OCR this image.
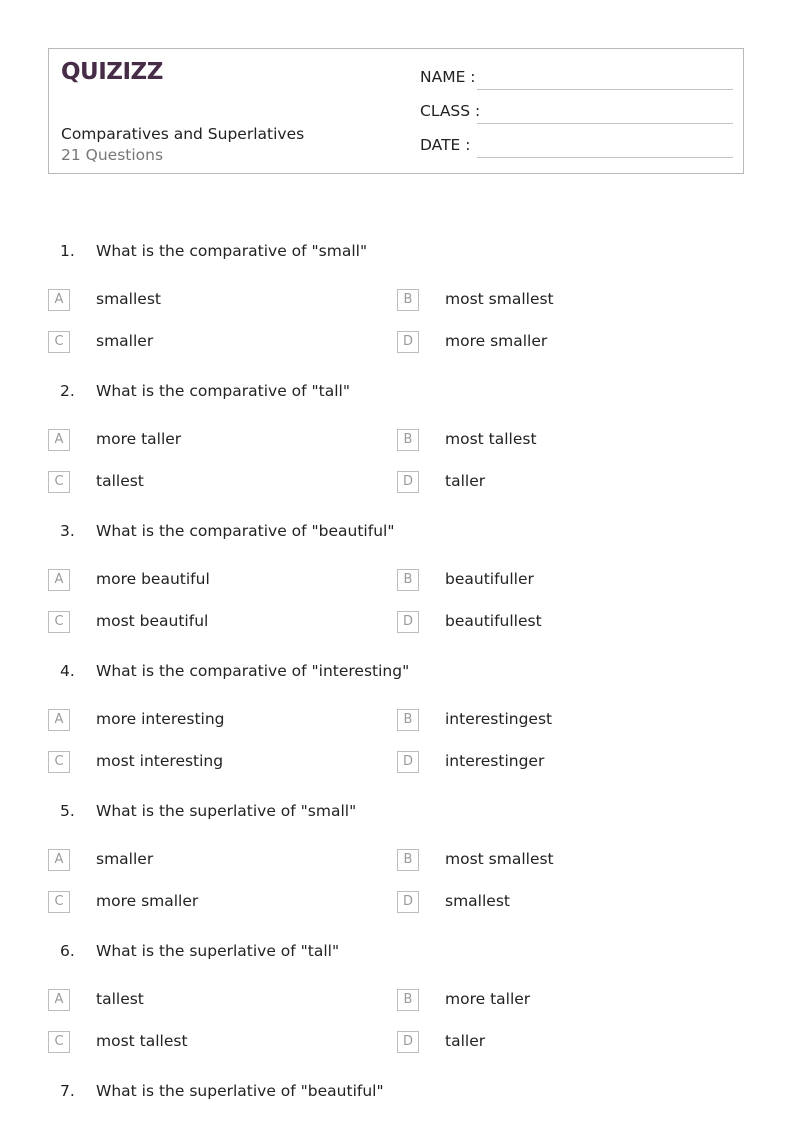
QUIZIZZ
Comparatives and Superlatives
21 Questions
NAME :
CLASS :
DATE :
1. What is the comparative of "small"
A	smallest	B	most smallest
C	smaller	D	more smaller
2. What is the comparative of "tall"
A	more taller	B	most tallest
C	tallest	D	taller
3. What is the comparative of "beautiful"
A	more beautiful	B	beautifuller
C	most beautiful	D	beautifullest
4. What is the comparative of "interesting"
A	more interesting	B	interestingest
C	most interesting	D	interestinger
5. What is the superlative of "small"
A	smaller	B	most smallest
C	more smaller	D	smallest
6. What is the superlative of "tall"
A	tallest	B	more taller
C	most tallest	D	taller
7. What is the superlative of "beautiful"
